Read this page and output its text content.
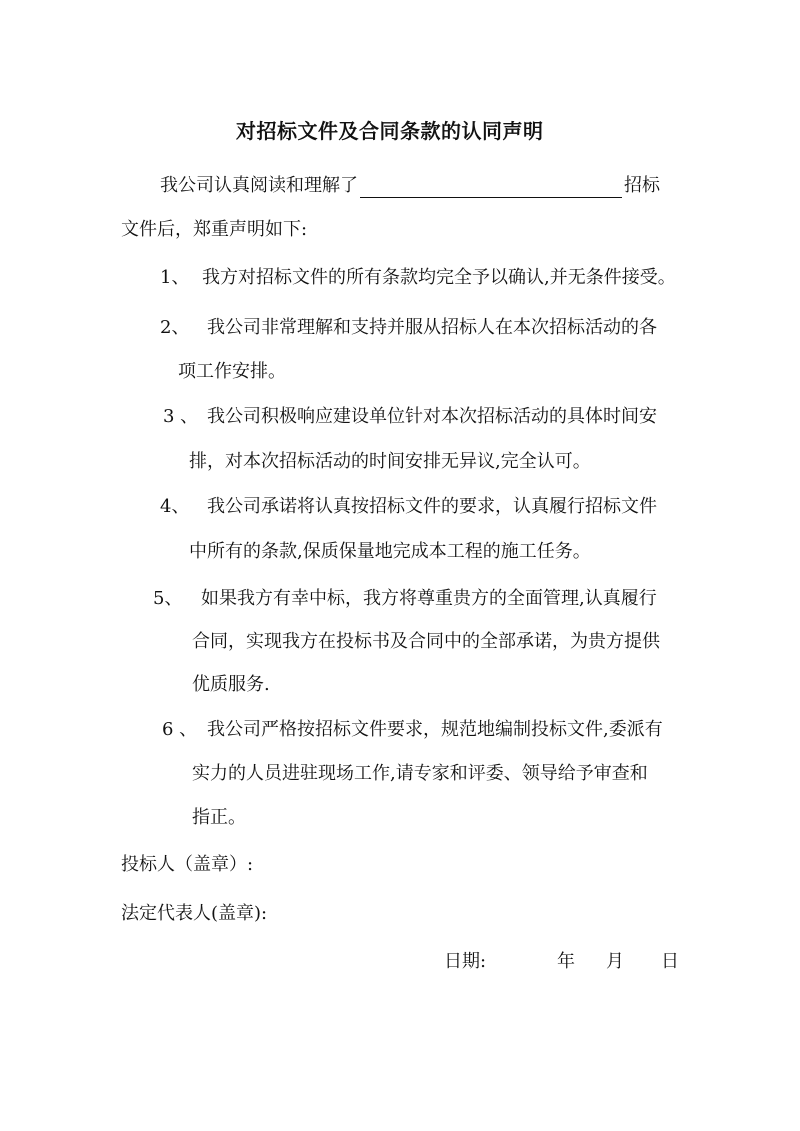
对招标文件及合同条款的认同声明
我公司认真阅读和理解了	招标
文件后，郑重声明如下:
1、 我方对招标文件的所有条款均完全予以确认,并无条件接受。
2、 我公司非常理解和支持并服从招标人在本次招标活动的各
项工作安排。
3 、 我公司积极响应建设单位针对本次招标活动的具体时间安
排，对本次招标活动的时间安排无异议,完全认可。
4、 我公司承诺将认真按招标文件的要求，认真履行招标文件
中所有的条款,保质保量地完成本工程的施工任务。
5、 如果我方有幸中标，我方将尊重贵方的全面管理,认真履行
合同，实现我方在投标书及合同中的全部承诺，为贵方提供
优质服务.
6 、 我公司严格按招标文件要求，规范地编制投标文件,委派有
实力的人员进驻现场工作,请专家和评委、领导给予审查和
指正。
投标人（盖章）:
法定代表人(盖章):
日期:	年 月 日
